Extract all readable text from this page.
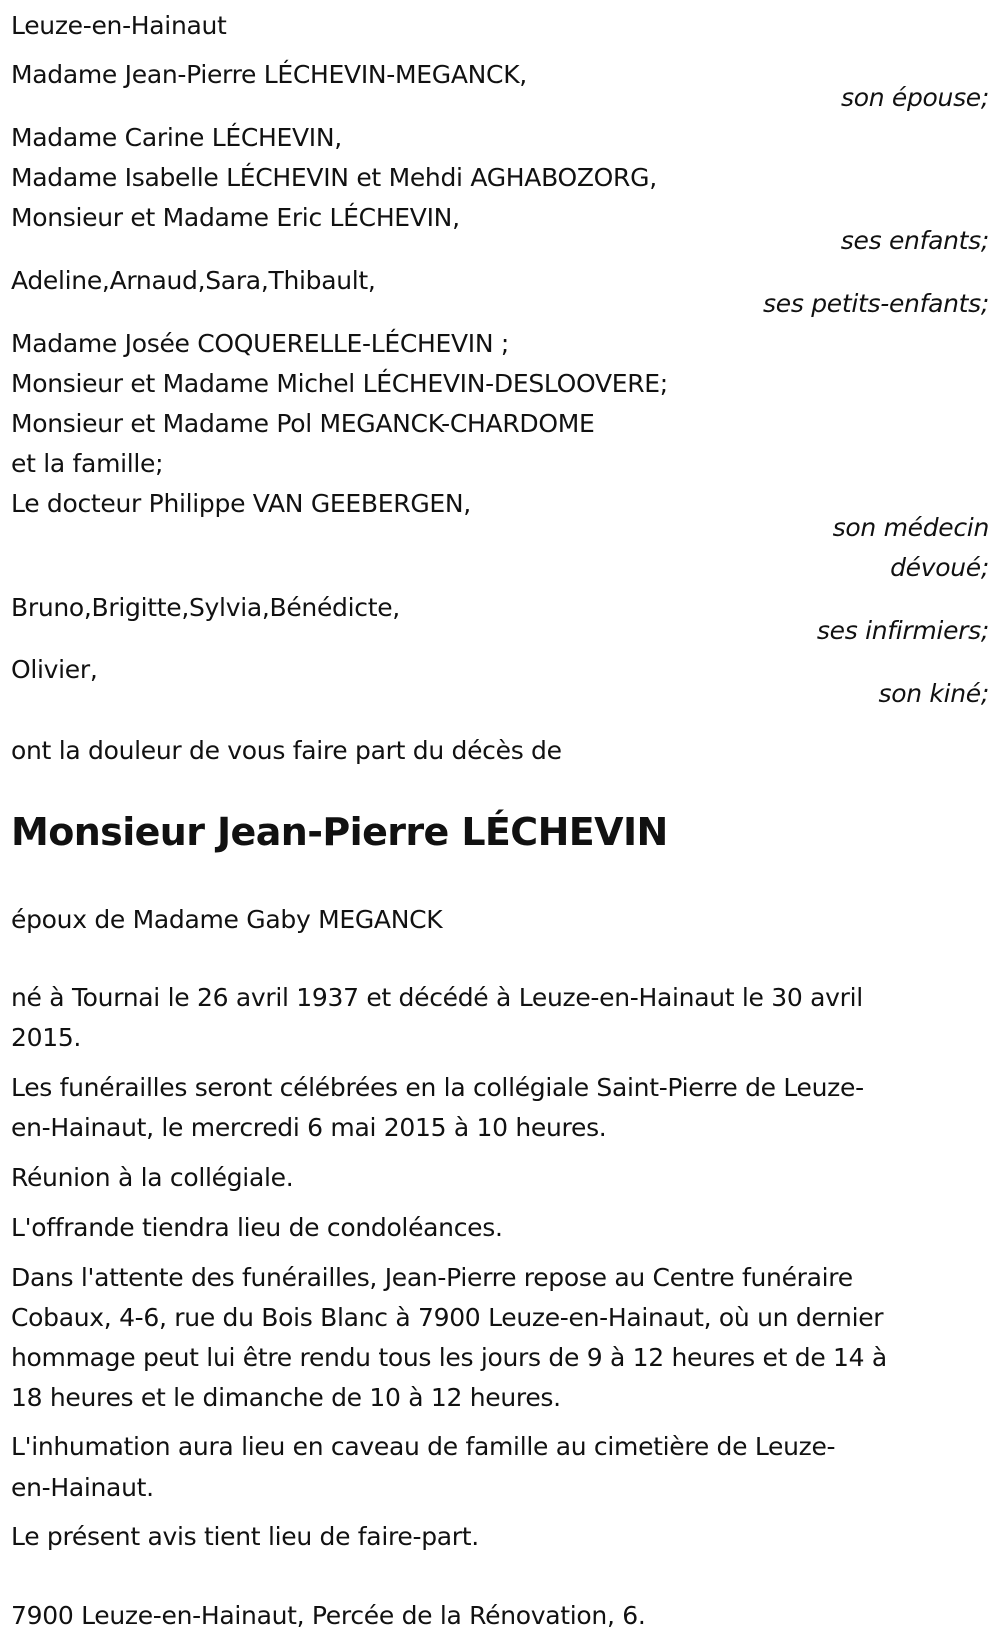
Leuze-en-Hainaut
Madame Jean-Pierre LÉCHEVIN-MEGANCK,
son épouse;
Madame Carine LÉCHEVIN,
Madame Isabelle LÉCHEVIN et Mehdi AGHABOZORG,
Monsieur et Madame Eric LÉCHEVIN,
ses enfants;
Adeline,Arnaud,Sara,Thibault,
ses petits-enfants;
Madame Josée COQUERELLE-LÉCHEVIN ;
Monsieur et Madame Michel LÉCHEVIN-DESLOOVERE;
Monsieur et Madame Pol MEGANCK-CHARDOME
et la famille;
Le docteur Philippe VAN GEEBERGEN,
son médecin
dévoué;
Bruno,Brigitte,Sylvia,Bénédicte,
ses infirmiers;
Olivier,
son kiné;
ont la douleur de vous faire part du décès de
Monsieur Jean-Pierre LÉCHEVIN
époux de Madame Gaby MEGANCK
né à Tournai le 26 avril 1937 et décédé à Leuze-en-Hainaut le 30 avril
2015.
Les funérailles seront célébrées en la collégiale Saint-Pierre de Leuze-
en-Hainaut, le mercredi 6 mai 2015 à 10 heures.
Réunion à la collégiale.
L'offrande tiendra lieu de condoléances.
Dans l'attente des funérailles, Jean-Pierre repose au Centre funéraire
Cobaux, 4-6, rue du Bois Blanc à 7900 Leuze-en-Hainaut, où un dernier
hommage peut lui être rendu tous les jours de 9 à 12 heures et de 14 à
18 heures et le dimanche de 10 à 12 heures.
L'inhumation aura lieu en caveau de famille au cimetière de Leuze-
en-Hainaut.
Le présent avis tient lieu de faire-part.
7900 Leuze-en-Hainaut, Percée de la Rénovation, 6.
